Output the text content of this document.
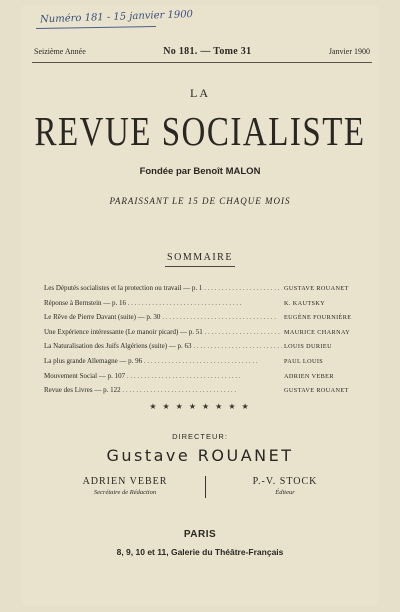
Numéro 181 - 15 janvier 1900
Seizième Année	No 181. — Tome 31	Janvier 1900
LA
REVUE SOCIALISTE
Fondée par Benoît MALON
PARAISSANT LE 15 DE CHAQUE MOIS
SOMMAIRE
Les Députés socialistes et la protection ou travail — p. 1 . . .	GUSTAVE ROUANET
Réponse à Bernstein — p. 16 . . .	K. KAUTSKY
Le Rêve de Pierre Davant (suite) — p. 30 . . .	EUGÈNE FOURNIÈRE
Une Expérience intéressante (Le manoir picard) — p. 51 . . .	MAURICE CHARNAY
La Naturalisation des Juifs Algériens (suite) — p. 63 . . .	LOUIS DURIEU
La plus grande Allemagne — p. 96 . . .	PAUL LOUIS
Mouvement Social — p. 107 . . .	ADRIEN VEBER
Revue des Livres — p. 122 . . .	GUSTAVE ROUANET
★ ★ ★ ★ ★ ★ ★ ★
DIRECTEUR:
Gustave ROUANET
ADRIEN VEBER
Secrétaire de Rédaction
P.-V. STOCK
Éditeur
PARIS
8, 9, 10 et 11, Galerie du Théâtre-Français
